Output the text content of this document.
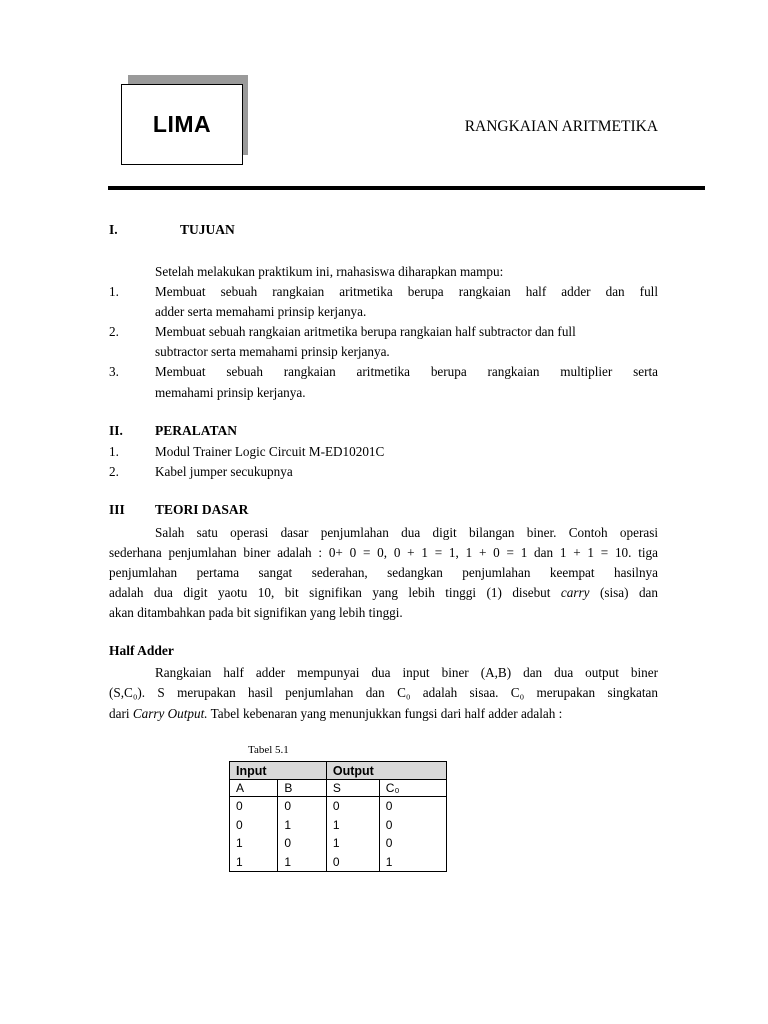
LIMA	RANGKAIAN ARITMETIKA
I.	TUJUAN
Setelah melakukan praktikum ini, rnahasiswa diharapkan mampu:
1.	Membuat sebuah rangkaian aritmetika berupa rangkaian half adder dan full
adder serta memahami prinsip kerjanya.
2.	Membuat sebuah rangkaian aritmetika berupa rangkaian half subtractor dan full
subtractor serta memahami prinsip kerjanya.
3.	Membuat sebuah rangkaian aritmetika berupa rangkaian multiplier serta
memahami prinsip kerjanya.
II. PERALATAN
1.	Modul Trainer Logic Circuit M-ED10201C
2.	Kabel jumper secukupnya
III TEORI DASAR
Salah satu operasi dasar penjumlahan dua digit bilangan biner. Contoh operasi
sederhana penjumlahan biner adalah : 0+ 0 = 0, 0 + 1 = 1, 1 + 0 = 1 dan 1 + 1 = 10. tiga
penjumlahan pertama sangat sederahan, sedangkan penjumlahan keempat hasilnya
adalah dua digit yaotu 10, bit signifikan yang lebih tinggi (1) disebut carry (sisa) dan
akan ditambahkan pada bit signifikan yang lebih tinggi.
Half Adder
Rangkaian half adder mempunyai dua input biner (A,B) dan dua output biner
(S,C₀). S merupakan hasil penjumlahan dan C₀ adalah sisaa. C₀ merupakan singkatan
dari Carry Output. Tabel kebenaran yang menunjukkan fungsi dari half adder adalah :
Tabel 5.1
Input		Output	
A	B	S	C₀
0	0	0	0
0	1	1	0
1	0	1	0
1	1	0	1
